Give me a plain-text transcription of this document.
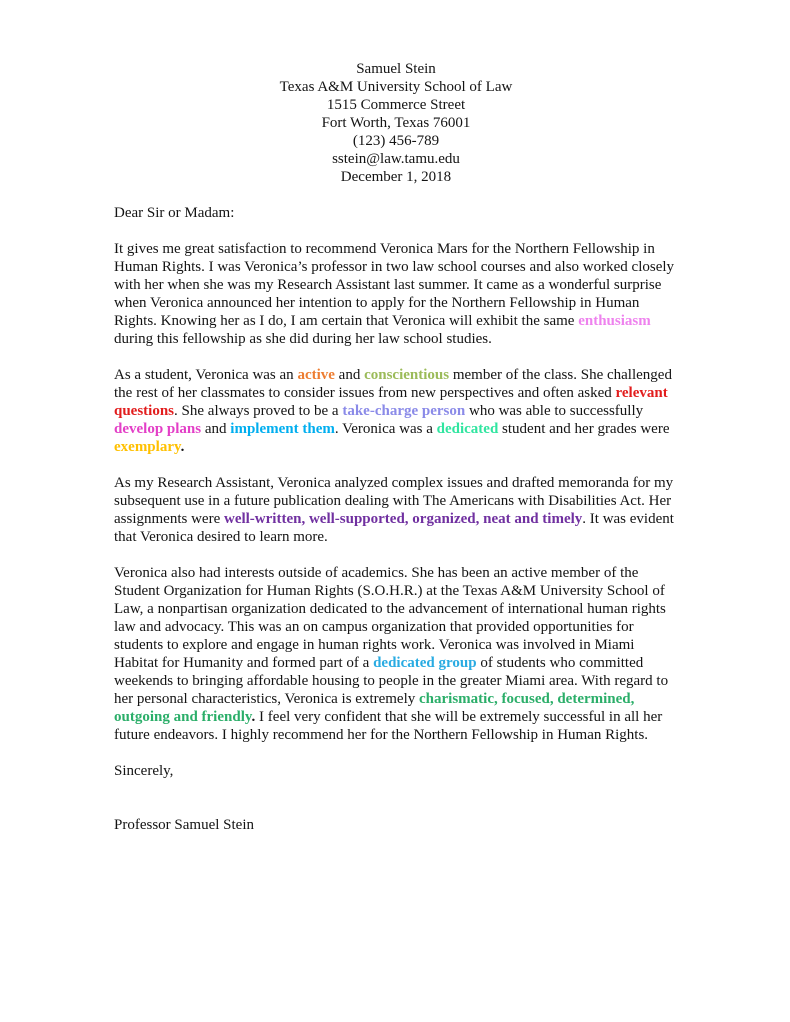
Samuel Stein
Texas A&M University School of Law
1515 Commerce Street
Fort Worth, Texas 76001
(123) 456-789
sstein@law.tamu.edu
December 1, 2018
Dear Sir or Madam:

It gives me great satisfaction to recommend Veronica Mars for the Northern Fellowship in Human Rights. I was Veronica’s professor in two law school courses and also worked closely with her when she was my Research Assistant last summer. It came as a wonderful surprise when Veronica announced her intention to apply for the Northern Fellowship in Human Rights. Knowing her as I do, I am certain that Veronica will exhibit the same enthusiasm during this fellowship as she did during her law school studies.

As a student, Veronica was an active and conscientious member of the class. She challenged the rest of her classmates to consider issues from new perspectives and often asked relevant questions. She always proved to be a take-charge person who was able to successfully develop plans and implement them. Veronica was a dedicated student and her grades were exemplary.

As my Research Assistant, Veronica analyzed complex issues and drafted memoranda for my subsequent use in a future publication dealing with The Americans with Disabilities Act. Her assignments were well-written, well-supported, organized, neat and timely. It was evident that Veronica desired to learn more.

Veronica also had interests outside of academics. She has been an active member of the Student Organization for Human Rights (S.O.H.R.) at the Texas A&M University School of Law, a nonpartisan organization dedicated to the advancement of international human rights law and advocacy. This was an on campus organization that provided opportunities for students to explore and engage in human rights work. Veronica was involved in Miami Habitat for Humanity and formed part of a dedicated group of students who committed weekends to bringing affordable housing to people in the greater Miami area. With regard to her personal characteristics, Veronica is extremely charismatic, focused, determined, outgoing and friendly. I feel very confident that she will be extremely successful in all her future endeavors. I highly recommend her for the Northern Fellowship in Human Rights.

Sincerely,
Professor Samuel Stein
